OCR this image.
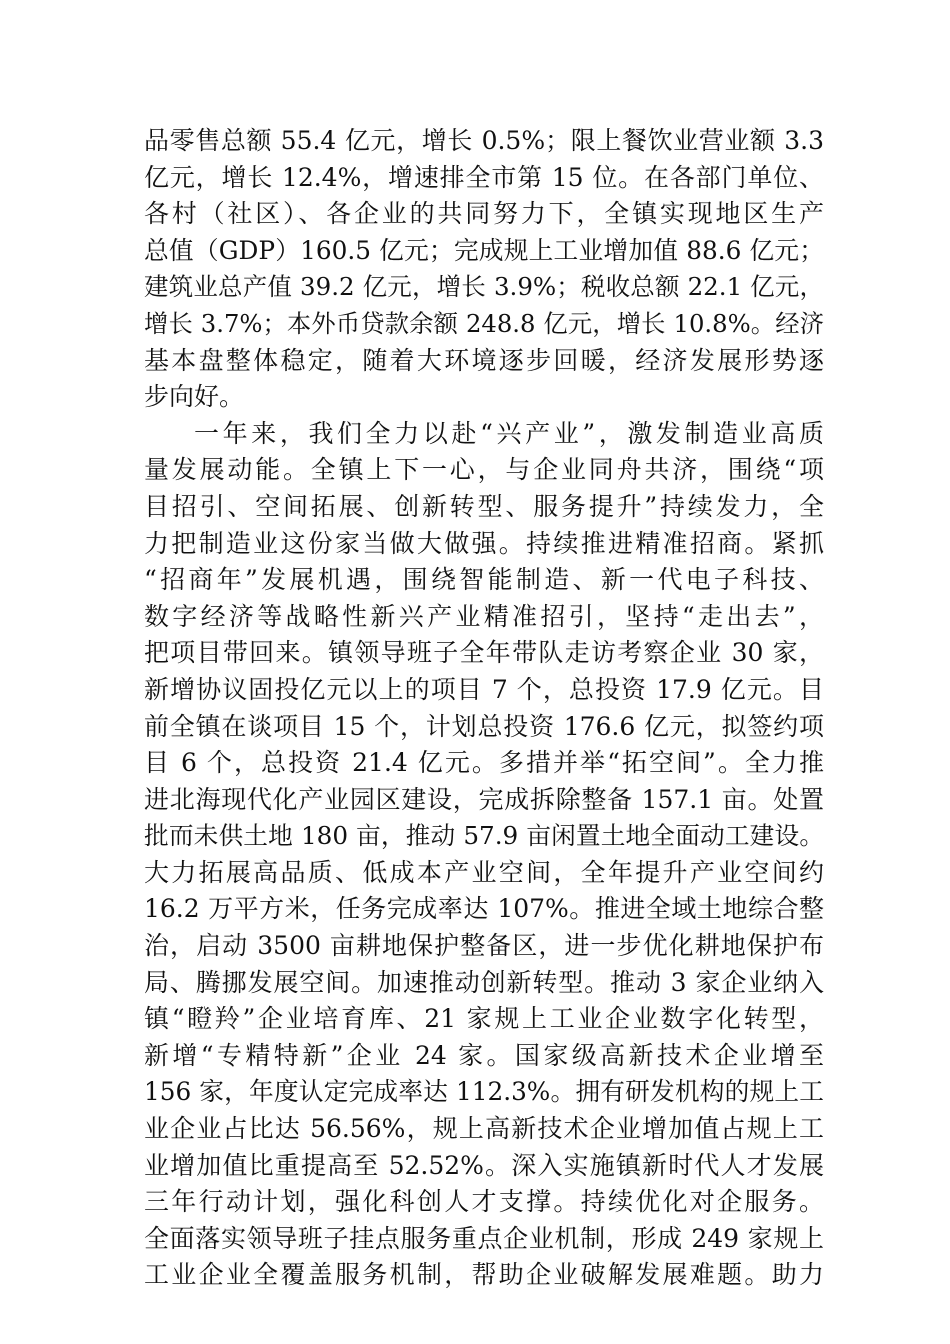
品零售总额 55.4 亿元，增长 0.5%；限上餐饮业营业额 3.3
亿元，增长 12.4%，增速排全市第 15 位。在各部门单位、
各村（社区）、各企业的共同努力下，全镇实现地区生产
总值（GDP）160.5 亿元；完成规上工业增加值 88.6 亿元；
建筑业总产值 39.2 亿元，增长 3.9%；税收总额 22.1 亿元，
增长 3.7%；本外币贷款余额 248.8 亿元，增长 10.8%。经济
基本盘整体稳定，随着大环境逐步回暖，经济发展形势逐
步向好。
一年来，我们全力以赴“兴产业”，激发制造业高质
量发展动能。全镇上下一心，与企业同舟共济，围绕“项
目招引、空间拓展、创新转型、服务提升”持续发力，全
力把制造业这份家当做大做强。持续推进精准招商。紧抓
“招商年”发展机遇，围绕智能制造、新一代电子科技、
数字经济等战略性新兴产业精准招引，坚持“走出去”，
把项目带回来。镇领导班子全年带队走访考察企业 30 家，
新增协议固投亿元以上的项目 7 个，总投资 17.9 亿元。目
前全镇在谈项目 15 个，计划总投资 176.6 亿元，拟签约项
目 6 个，总投资 21.4 亿元。多措并举“拓空间”。全力推
进北海现代化产业园区建设，完成拆除整备 157.1 亩。处置
批而未供土地 180 亩，推动 57.9 亩闲置土地全面动工建设。
大力拓展高品质、低成本产业空间，全年提升产业空间约
16.2 万平方米，任务完成率达 107%。推进全域土地综合整
治，启动 3500 亩耕地保护整备区，进一步优化耕地保护布
局、腾挪发展空间。加速推动创新转型。推动 3 家企业纳入
镇“瞪羚”企业培育库、21 家规上工业企业数字化转型，
新增“专精特新”企业 24 家。国家级高新技术企业增至
156 家，年度认定完成率达 112.3%。拥有研发机构的规上工
业企业占比达 56.56%，规上高新技术企业增加值占规上工
业增加值比重提高至 52.52%。深入实施镇新时代人才发展
三年行动计划，强化科创人才支撑。持续优化对企服务。
全面落实领导班子挂点服务重点企业机制，形成 249 家规上
工业企业全覆盖服务机制，帮助企业破解发展难题。助力
